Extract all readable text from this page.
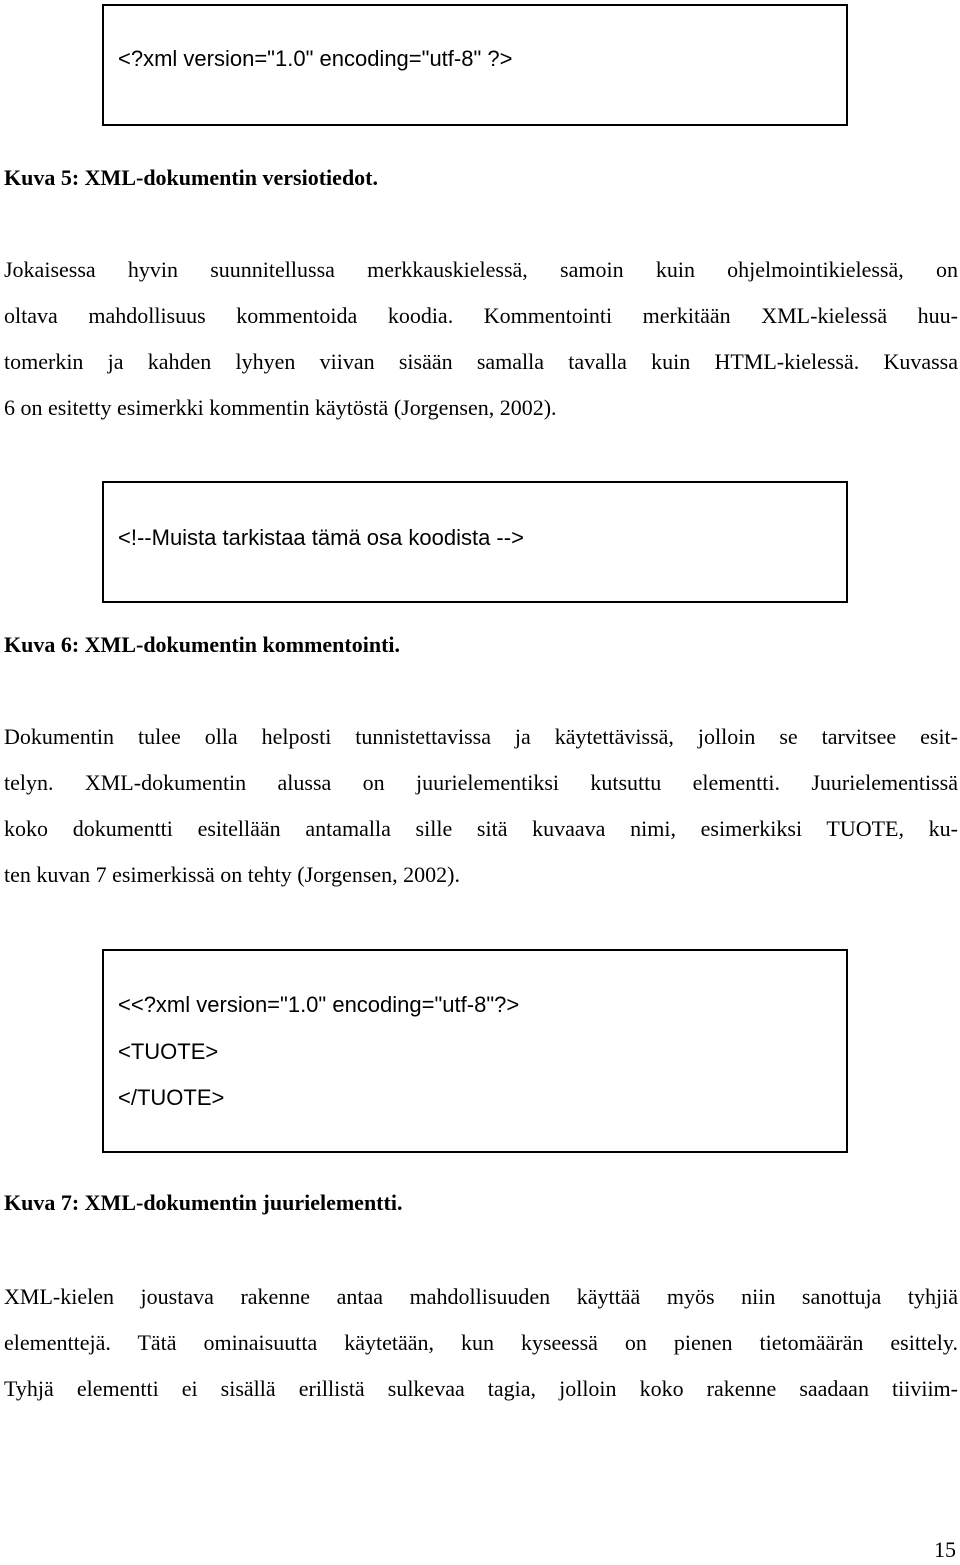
<?xml version="1.0" encoding="utf-8" ?>
Kuva 5: XML-dokumentin versiotiedot.
Jokaisessa hyvin suunnitellussa merkkauskielessä, samoin kuin ohjelmointikielessä, on
oltava mahdollisuus kommentoida koodia. Kommentointi merkitään XML-kielessä huu-
tomerkin ja kahden lyhyen viivan sisään samalla tavalla kuin HTML-kielessä. Kuvassa
6 on esitetty esimerkki kommentin käytöstä (Jorgensen, 2002).
<!--Muista tarkistaa tämä osa koodista -->
Kuva 6: XML-dokumentin kommentointi.
Dokumentin tulee olla helposti tunnistettavissa ja käytettävissä, jolloin se tarvitsee esit-
telyn. XML-dokumentin alussa on juurielementiksi kutsuttu elementti. Juurielementissä
koko dokumentti esitellään antamalla sille sitä kuvaava nimi, esimerkiksi TUOTE, ku-
ten kuvan 7 esimerkissä on tehty (Jorgensen, 2002).
<<?xml version="1.0" encoding="utf-8"?>
<TUOTE>
</TUOTE>
Kuva 7: XML-dokumentin juurielementti.
XML-kielen joustava rakenne antaa mahdollisuuden käyttää myös niin sanottuja tyhjiä
elementtejä. Tätä ominaisuutta käytetään, kun kyseessä on pienen tietomäärän esittely.
Tyhjä elementti ei sisällä erillistä sulkevaa tagia, jolloin koko rakenne saadaan tiiviim-
15
